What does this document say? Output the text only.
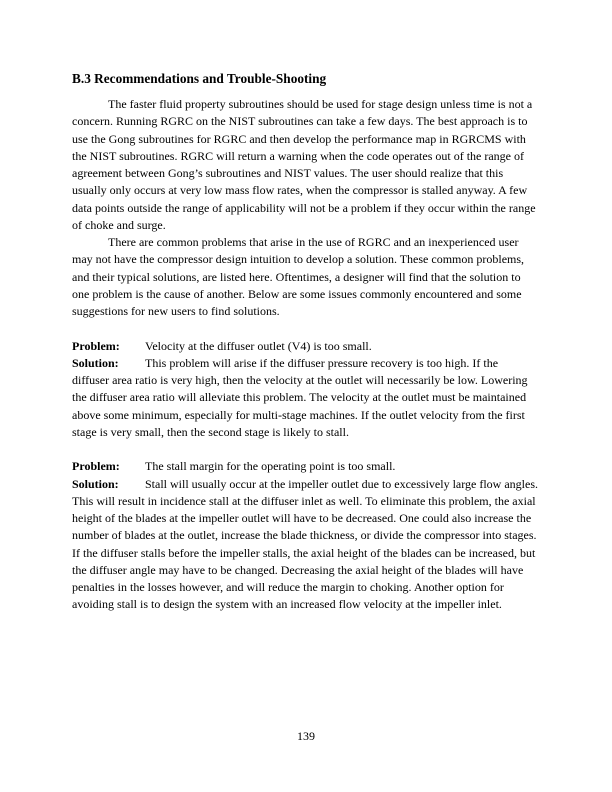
B.3 Recommendations and Trouble-Shooting
The faster fluid property subroutines should be used for stage design unless time is not a
concern. Running RGRC on the NIST subroutines can take a few days. The best approach is to
use the Gong subroutines for RGRC and then develop the performance map in RGRCMS with
the NIST subroutines. RGRC will return a warning when the code operates out of the range of
agreement between Gong’s subroutines and NIST values. The user should realize that this
usually only occurs at very low mass flow rates, when the compressor is stalled anyway. A few
data points outside the range of applicability will not be a problem if they occur within the range
of choke and surge.
There are common problems that arise in the use of RGRC and an inexperienced user
may not have the compressor design intuition to develop a solution. These common problems,
and their typical solutions, are listed here. Oftentimes, a designer will find that the solution to
one problem is the cause of another. Below are some issues commonly encountered and some
suggestions for new users to find solutions.
Problem: Velocity at the diffuser outlet (V4) is too small.
Solution: This problem will arise if the diffuser pressure recovery is too high. If the
diffuser area ratio is very high, then the velocity at the outlet will necessarily be low. Lowering
the diffuser area ratio will alleviate this problem. The velocity at the outlet must be maintained
above some minimum, especially for multi-stage machines. If the outlet velocity from the first
stage is very small, then the second stage is likely to stall.
Problem: The stall margin for the operating point is too small.
Solution: Stall will usually occur at the impeller outlet due to excessively large flow angles.
This will result in incidence stall at the diffuser inlet as well. To eliminate this problem, the axial
height of the blades at the impeller outlet will have to be decreased. One could also increase the
number of blades at the outlet, increase the blade thickness, or divide the compressor into stages.
If the diffuser stalls before the impeller stalls, the axial height of the blades can be increased, but
the diffuser angle may have to be changed. Decreasing the axial height of the blades will have
penalties in the losses however, and will reduce the margin to choking. Another option for
avoiding stall is to design the system with an increased flow velocity at the impeller inlet.
139
